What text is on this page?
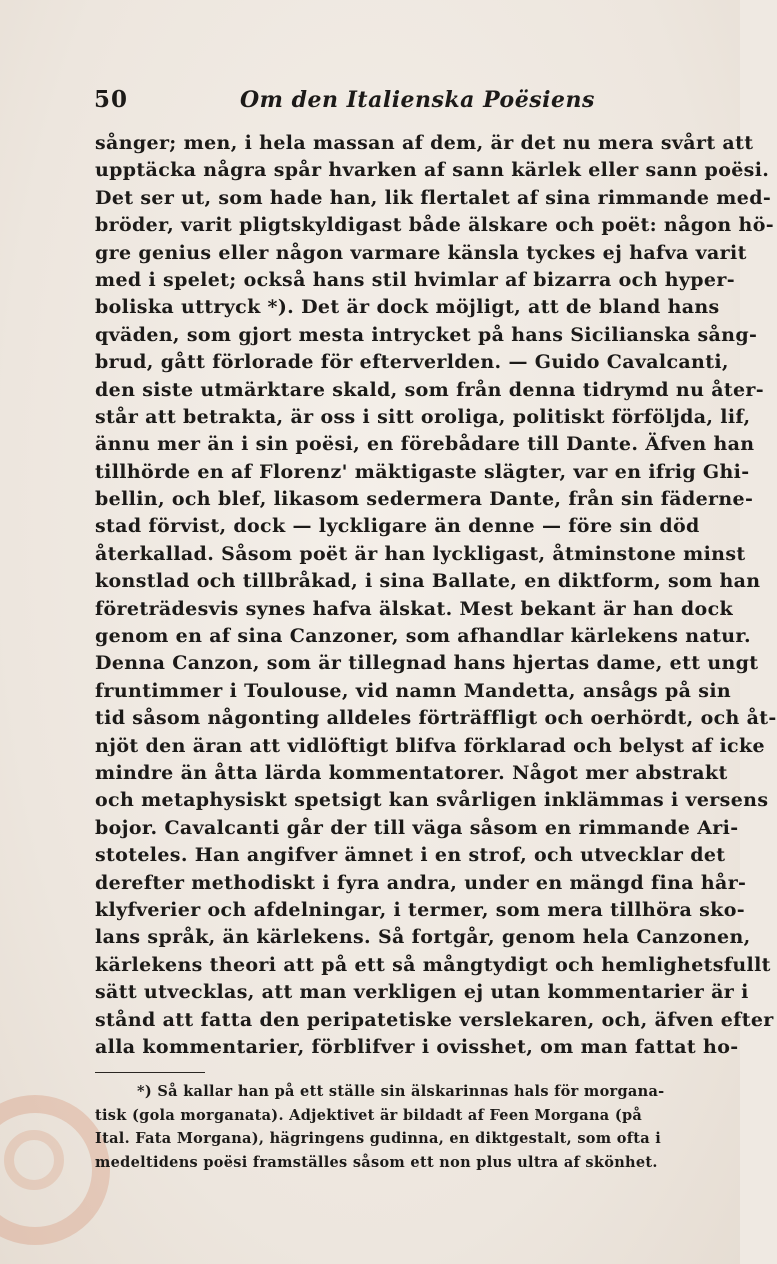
50	Om den Italienska Poësiens
sånger; men, i hela massan af dem, är det nu mera svårt att
upptäcka några spår hvarken af sann kärlek eller sann poësi.
Det ser ut, som hade han, lik flertalet af sina rimmande med-
bröder, varit pligtskyldigast både älskare och poët: någon hö-
gre genius eller någon varmare känsla tyckes ej hafva varit
med i spelet; också hans stil hvimlar af bizarra och hyper-
boliska uttryck *). Det är dock möjligt, att de bland hans
qväden, som gjort mesta intrycket på hans Sicilianska sång-
brud, gått förlorade för efterverlden. — Guido Cavalcanti,
den siste utmärktare skald, som från denna tidrymd nu åter-
står att betrakta, är oss i sitt oroliga, politiskt förföljda, lif,
ännu mer än i sin poësi, en förebådare till Dante. Äfven han
tillhörde en af Florenz' mäktigaste slägter, var en ifrig Ghi-
bellin, och blef, likasom sedermera Dante, från sin fäderne-
stad förvist, dock — lyckligare än denne — före sin död
återkallad. Såsom poët är han lyckligast, åtminstone minst
konstlad och tillbråkad, i sina Ballate, en diktform, som han
företrädesvis synes hafva älskat. Mest bekant är han dock
genom en af sina Canzoner, som afhandlar kärlekens natur.
Denna Canzon, som är tillegnad hans hjertas dame, ett ungt
fruntimmer i Toulouse, vid namn Mandetta, ansågs på sin
tid såsom någonting alldeles förträffligt och oerhördt, och åt-
njöt den äran att vidlöftigt blifva förklarad och belyst af icke
mindre än åtta lärda kommentatorer. Något mer abstrakt
och metaphysiskt spetsigt kan svårligen inklämmas i versens
bojor. Cavalcanti går der till väga såsom en rimmande Ari-
stoteles. Han angifver ämnet i en strof, och utvecklar det
derefter methodiskt i fyra andra, under en mängd fina hår-
klyfverier och afdelningar, i termer, som mera tillhöra sko-
lans språk, än kärlekens. Så fortgår, genom hela Canzonen,
kärlekens theori att på ett så mångtydigt och hemlighetsfullt
sätt utvecklas, att man verkligen ej utan kommentarier är i
stånd att fatta den peripatetiske verslekaren, och, äfven efter
alla kommentarier, förblifver i ovisshet, om man fattat ho-
*) Så kallar han på ett ställe sin älskarinnas hals för morgana-
tisk (gola morganata). Adjektivet är bildadt af Feen Morgana (på
Ital. Fata Morgana), hägringens gudinna, en diktgestalt, som ofta i
medeltidens poësi framställes såsom ett non plus ultra af skönhet.
